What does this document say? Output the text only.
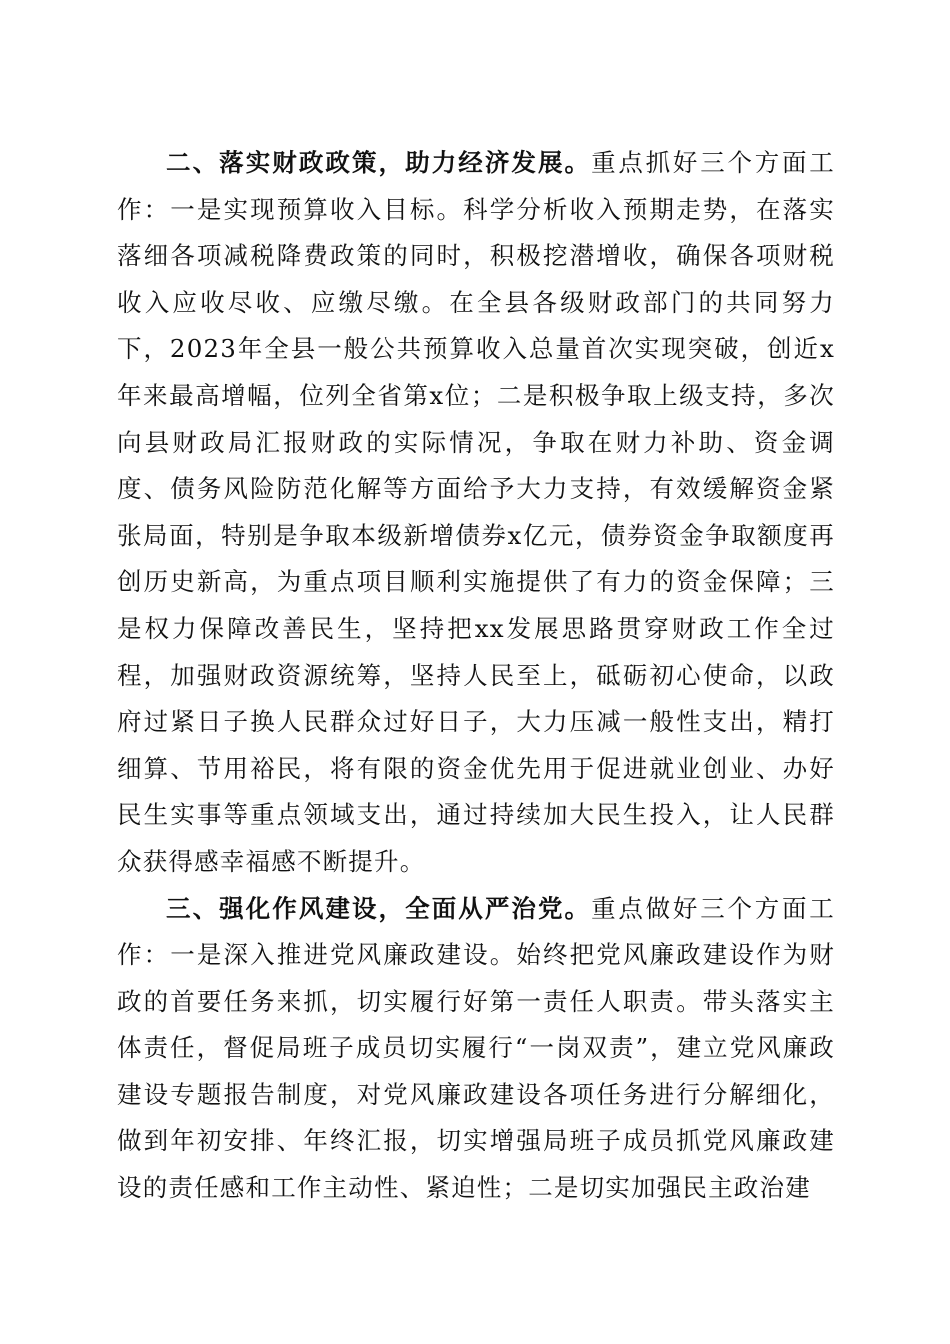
二、落实财政政策，助力经济发展。重点抓好三个方面工作：一是实现预算收入目标。科学分析收入预期走势，在落实落细各项减税降费政策的同时，积极挖潜增收，确保各项财税收入应收尽收、应缴尽缴。在全县各级财政部门的共同努力下，2023年全县一般公共预算收入总量首次实现突破，创近x年来最高增幅，位列全省第x位；二是积极争取上级支持，多次向县财政局汇报财政的实际情况，争取在财力补助、资金调度、债务风险防范化解等方面给予大力支持，有效缓解资金紧张局面，特别是争取本级新增债券x亿元，债券资金争取额度再创历史新高，为重点项目顺利实施提供了有力的资金保障；三是权力保障改善民生，坚持把xx发展思路贯穿财政工作全过程，加强财政资源统筹，坚持人民至上，砥砺初心使命，以政府过紧日子换人民群众过好日子，大力压减一般性支出，精打细算、节用裕民，将有限的资金优先用于促进就业创业、办好民生实事等重点领域支出，通过持续加大民生投入，让人民群众获得感幸福感不断提升。

三、强化作风建设，全面从严治党。重点做好三个方面工作：一是深入推进党风廉政建设。始终把党风廉政建设作为财政的首要任务来抓，切实履行好第一责任人职责。带头落实主体责任，督促局班子成员切实履行“一岗双责”，建立党风廉政建设专题报告制度，对党风廉政建设各项任务进行分解细化，做到年初安排、年终汇报，切实增强局班子成员抓党风廉政建设的责任感和工作主动性、紧迫性；二是切实加强民主政治建
